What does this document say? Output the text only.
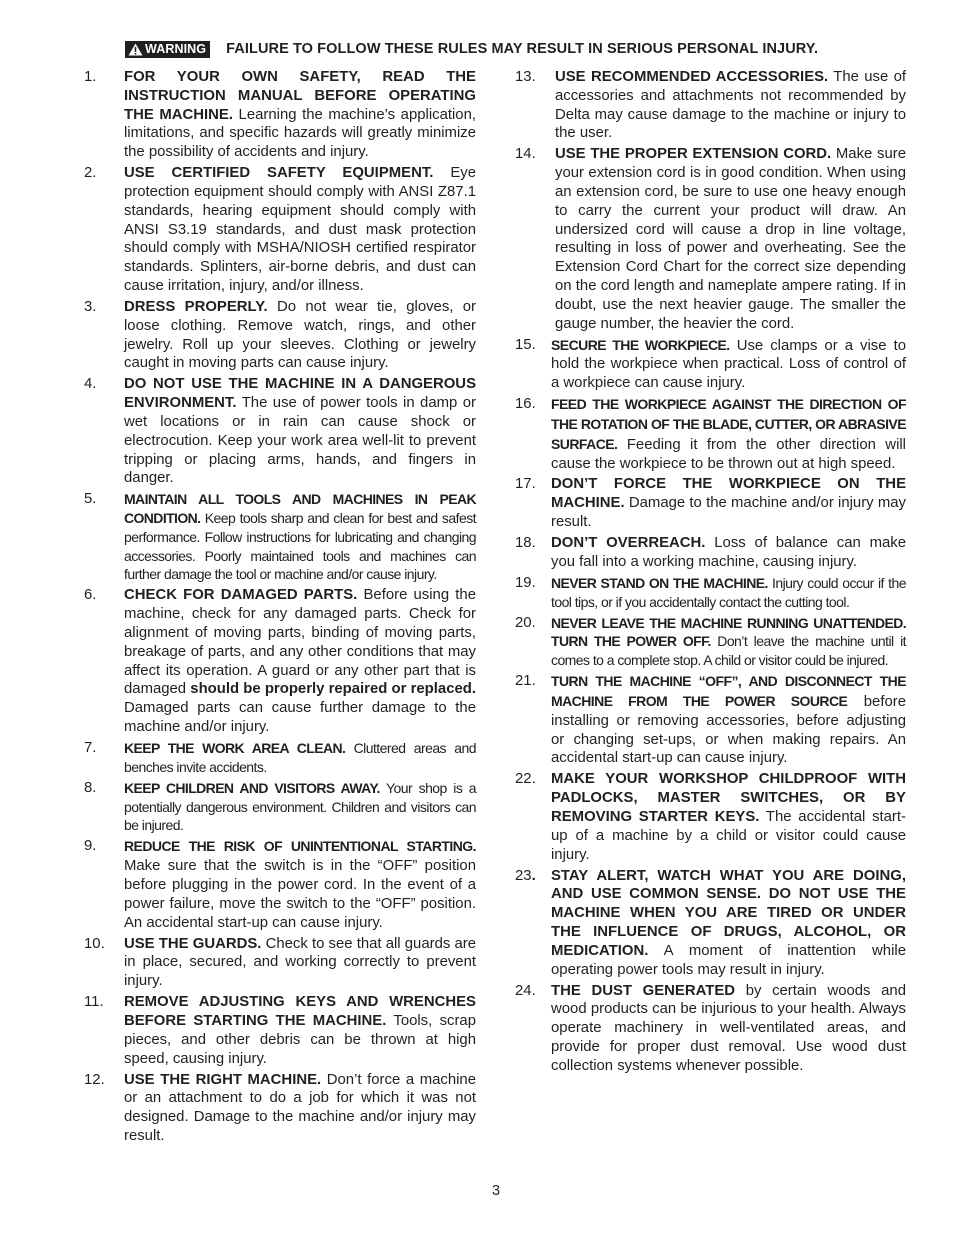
WARNING FAILURE TO FOLLOW THESE RULES MAY RESULT IN SERIOUS PERSONAL INJURY.
1.	FOR YOUR OWN SAFETY, READ THE INSTRUCTION MANUAL BEFORE OPERATING THE MACHINE. Learning the machine’s application, limitations, and specific hazards will greatly minimize the possibility of accidents and injury.
2.	USE CERTIFIED SAFETY EQUIPMENT. Eye protection equipment should comply with ANSI Z87.1 standards, hearing equipment should comply with ANSI S3.19 standards, and dust mask protection should comply with MSHA/NIOSH certified respirator standards. Splinters, air-borne debris, and dust can cause irritation, injury, and/or illness.
3.	DRESS PROPERLY. Do not wear tie, gloves, or loose clothing. Remove watch, rings, and other jewelry. Roll up your sleeves. Clothing or jewelry caught in moving parts can cause injury.
4.	DO NOT USE THE MACHINE IN A DANGEROUS ENVIRONMENT. The use of power tools in damp or wet locations or in rain can cause shock or electrocution. Keep your work area well-lit to prevent tripping or placing arms, hands, and fingers in danger.
5.	MAINTAIN ALL TOOLS AND MACHINES IN PEAK CONDITION. Keep tools sharp and clean for best and safest performance. Follow instructions for lubricating and changing accessories. Poorly maintained tools and machines can further damage the tool or machine and/or cause injury.
6.	CHECK FOR DAMAGED PARTS. Before using the machine, check for any damaged parts. Check for alignment of moving parts, binding of moving parts, breakage of parts, and any other conditions that may affect its operation. A guard or any other part that is damaged should be properly repaired or replaced. Damaged parts can cause further damage to the machine and/or injury.
7.	KEEP THE WORK AREA CLEAN. Cluttered areas and benches invite accidents.
8.	KEEP CHILDREN AND VISITORS AWAY. Your shop is a potentially dangerous environment. Children and visitors can be injured.
9.	REDUCE THE RISK OF UNINTENTIONAL STARTING. Make sure that the switch is in the “OFF” position before plugging in the power cord. In the event of a power failure, move the switch to the “OFF” position. An accidental start-up can cause injury.
10.	USE THE GUARDS. Check to see that all guards are in place, secured, and working correctly to prevent injury.
11.	REMOVE ADJUSTING KEYS AND WRENCHES BEFORE STARTING THE MACHINE. Tools, scrap pieces, and other debris can be thrown at high speed, causing injury.
12.	USE THE RIGHT MACHINE. Don’t force a machine or an attachment to do a job for which it was not designed. Damage to the machine and/or injury may result.
13.	USE RECOMMENDED ACCESSORIES. The use of accessories and attachments not recommended by Delta may cause damage to the machine or injury to the user.
14.	USE THE PROPER EXTENSION CORD. Make sure your extension cord is in good condition. When using an extension cord, be sure to use one heavy enough to carry the current your product will draw. An undersized cord will cause a drop in line voltage, resulting in loss of power and overheating. See the Extension Cord Chart for the correct size depending on the cord length and nameplate ampere rating. If in doubt, use the next heavier gauge. The smaller the gauge number, the heavier the cord.
15.	SECURE THE WORKPIECE. Use clamps or a vise to hold the workpiece when practical. Loss of control of a workpiece can cause injury.
16.	FEED THE WORKPIECE AGAINST THE DIRECTION OF THE ROTATION OF THE BLADE, CUTTER, OR ABRASIVE SURFACE. Feeding it from the other direction will cause the workpiece to be thrown out at high speed.
17.	DON’T FORCE THE WORKPIECE ON THE MACHINE. Damage to the machine and/or injury may result.
18.	DON’T OVERREACH. Loss of balance can make you fall into a working machine, causing injury.
19.	NEVER STAND ON THE MACHINE. Injury could occur if the tool tips, or if you accidentally contact the cutting tool.
20.	NEVER LEAVE THE MACHINE RUNNING UNATTENDED. TURN THE POWER OFF. Don’t leave the machine until it comes to a complete stop. A child or visitor could be injured.
21.	TURN THE MACHINE “OFF”, AND DISCONNECT THE MACHINE FROM THE POWER SOURCE before installing or removing accessories, before adjusting or changing set-ups, or when making repairs. An accidental start-up can cause injury.
22.	MAKE YOUR WORKSHOP CHILDPROOF WITH PADLOCKS, MASTER SWITCHES, OR BY REMOVING STARTER KEYS. The accidental start-up of a machine by a child or visitor could cause injury.
23.	STAY ALERT, WATCH WHAT YOU ARE DOING, AND USE COMMON SENSE. DO NOT USE THE MACHINE WHEN YOU ARE TIRED OR UNDER THE INFLUENCE OF DRUGS, ALCOHOL, OR MEDICATION. A moment of inattention while operating power tools may result in injury.
24.	THE DUST GENERATED by certain woods and wood products can be injurious to your health. Always operate machinery in well-ventilated areas, and provide for proper dust removal. Use wood dust collection systems whenever possible.
3
